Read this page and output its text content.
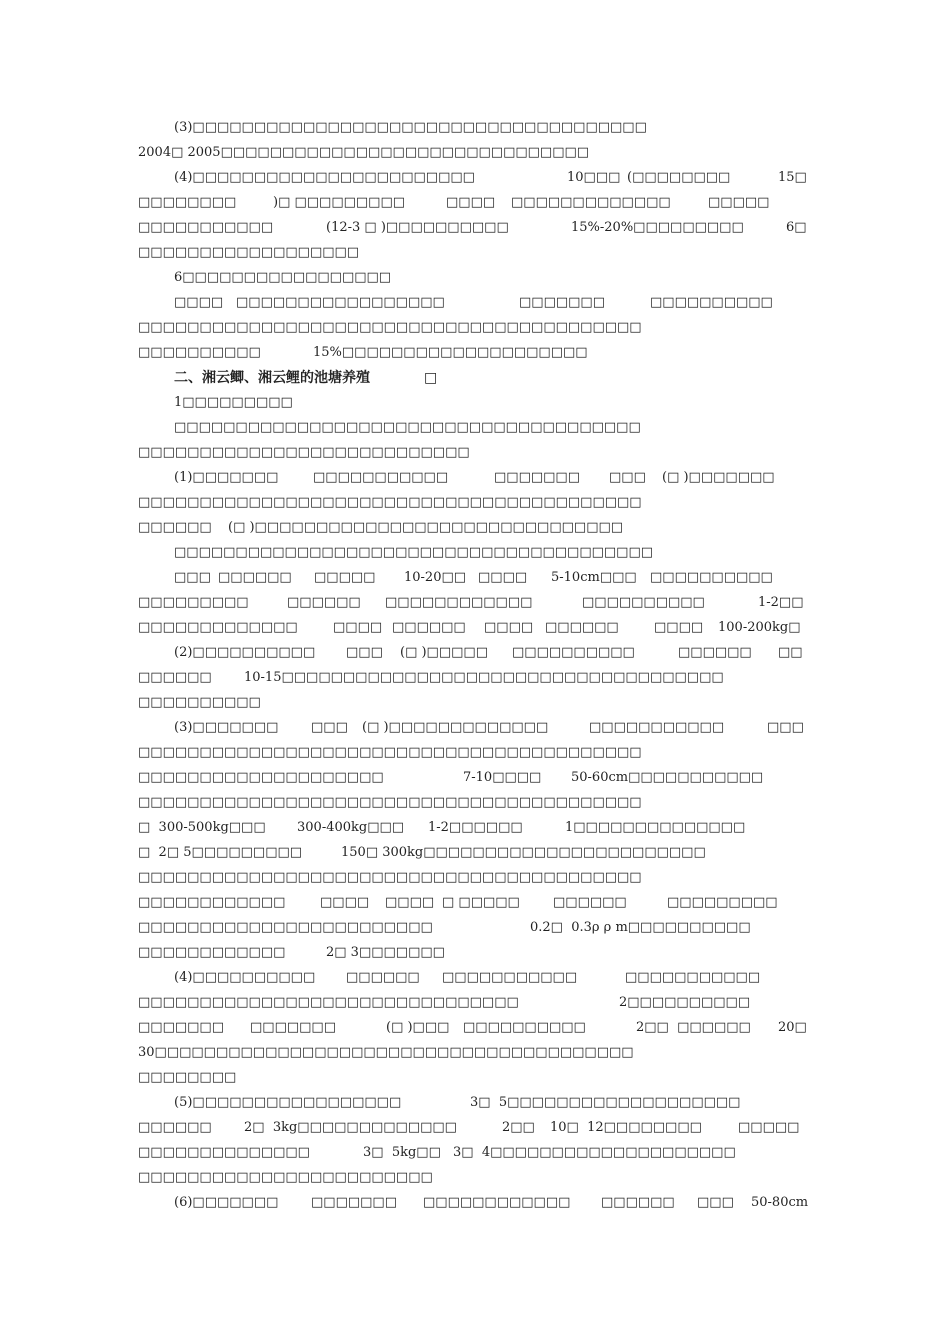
(3)□□□□□□□□□□□□□□□□□□□□□□□□□□□□□□□□□□□□□
2004□ 2005□□□□□□□□□□□□□□□□□□□□□□□□□□□□□□
(4)□□□□□□□□□□□□□□□□□□□□□□□	10□□□ (□□□□□□□□	15□
□□□□□□□□	)□ □□□□□□□□□	□□□□ □□□□□□□□□□□□□	□□□□□
□□□□□□□□□□□	(12-3 □ )□□□□□□□□□□	15%-20%□□□□□□□□□	6□
□□□□□□□□□□□□□□□□□□
6□□□□□□□□□□□□□□□□□
□□□□ □□□□□□□□□□□□□□□□□	□□□□□□□	□□□□□□□□□□
□□□□□□□□□□□□□□□□□□□□□□□□□□□□□□□□□□□□□□□□□
□□□□□□□□□□	15%□□□□□□□□□□□□□□□□□□□□
二、湘云鲫、湘云鲤的池塘养殖	□
1□□□□□□□□□
□□□□□□□□□□□□□□□□□□□□□□□□□□□□□□□□□□□□□□
□□□□□□□□□□□□□□□□□□□□□□□□□□□
(1)□□□□□□□	□□□□□□□□□□□	□□□□□□□ □□□ (□ )□□□□□□□
□□□□□□□□□□□□□□□□□□□□□□□□□□□□□□□□□□□□□□□□□
□□□□□□ (□ )□□□□□□□□□□□□□□□□□□□□□□□□□□□□□□
□□□□□□□□□□□□□□□□□□□□□□□□□□□□□□□□□□□□□□□
□□□ □□□□□□ □□□□□ 10-20□□ □□□□ 5-10cm□□□ □□□□□□□□□□
□□□□□□□□□	□□□□□□ □□□□□□□□□□□□	□□□□□□□□□□	1-2□□
□□□□□□□□□□□□□	□□□□ □□□□□□ □□□□ □□□□□□	□□□□ 100-200kg□
(2)□□□□□□□□□□ □□□ (□ )□□□□□ □□□□□□□□□□	□□□□□□ □□
□□□□□□ 10-15□□□□□□□□□□□□□□□□□□□□□□□□□□□□□□□□□□□□
□□□□□□□□□□
(3)□□□□□□□	□□□ (□ )□□□□□□□□□□□□□	□□□□□□□□□□□	□□□
□□□□□□□□□□□□□□□□□□□□□□□□□□□□□□□□□□□□□□□□□
□□□□□□□□□□□□□□□□□□□□	7-10□□□□ 50-60cm□□□□□□□□□□□
□□□□□□□□□□□□□□□□□□□□□□□□□□□□□□□□□□□□□□□□□
□  300-500kg□□□ 300-400kg□□□ 1-2□□□□□□	1□□□□□□□□□□□□□□
□  2□ 5□□□□□□□□□	150□ 300kg□□□□□□□□□□□□□□□□□□□□□□□
□□□□□□□□□□□□□□□□□□□□□□□□□□□□□□□□□□□□□□□□□
□□□□□□□□□□□□	□□□□ □□□□ □ □□□□□	□□□□□□	□□□□□□□□□
□□□□□□□□□□□□□□□□□□□□□□□□	0.2□  0.3ρ ρ m□□□□□□□□□□
□□□□□□□□□□□□	2□ 3□□□□□□□
(4)□□□□□□□□□□ □□□□□□ □□□□□□□□□□□	□□□□□□□□□□□
□□□□□□□□□□□□□□□□□□□□□□□□□□□□□□□	2□□□□□□□□□□
□□□□□□□ □□□□□□□	(□ )□□□ □□□□□□□□□□	2□□  □□□□□□ 20□
30□□□□□□□□□□□□□□□□□□□□□□□□□□□□□□□□□□□□□□□
□□□□□□□□
(5)□□□□□□□□□□□□□□□□□	3□  5□□□□□□□□□□□□□□□□□□□
□□□□□□ 2□  3kg□□□□□□□□□□□□□	2□□ 10□  12□□□□□□□□	□□□□□
□□□□□□□□□□□□□□	3□  5kg□□ 3□  4□□□□□□□□□□□□□□□□□□□□
□□□□□□□□□□□□□□□□□□□□□□□□
(6)□□□□□□□	□□□□□□□ □□□□□□□□□□□□ □□□□□□ □□□ 50-80cm
